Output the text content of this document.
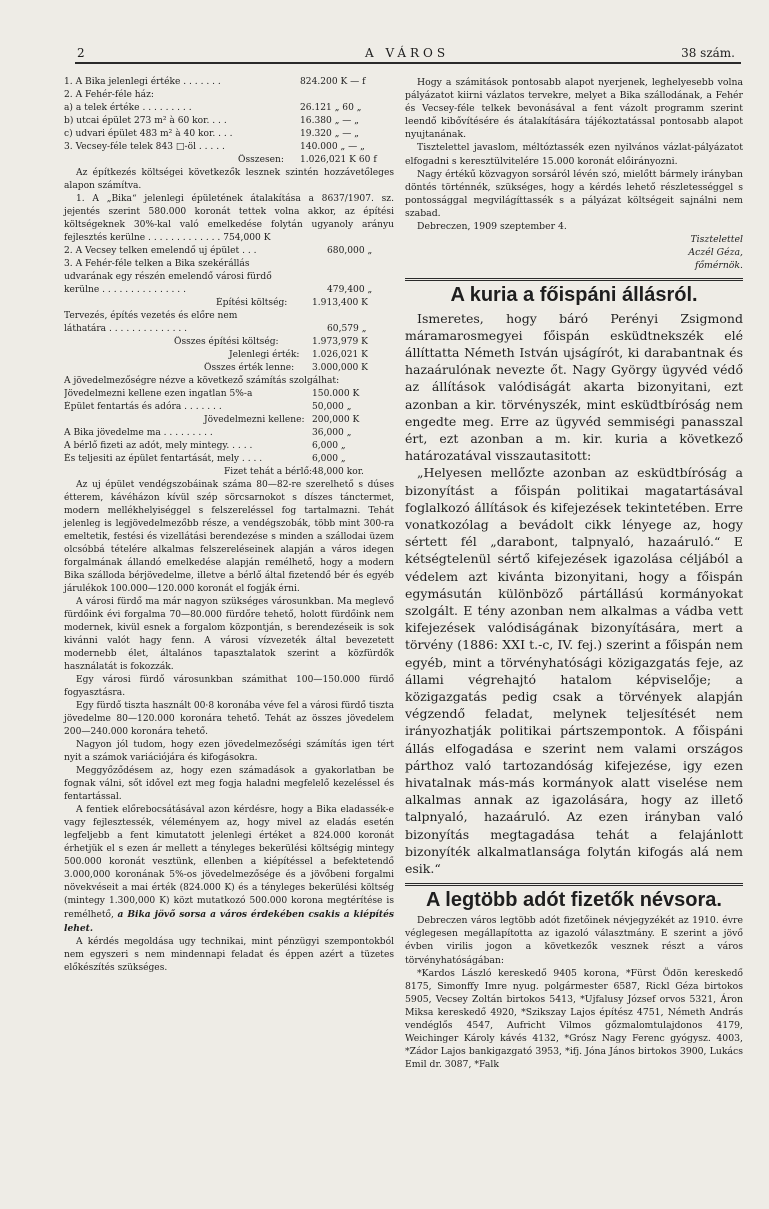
2	A VÁROS	38 szám.
1. A Bika jelenlegi értéke . . . . . . .	824.200 K — f
2. A Fehér-féle ház:
a) a telek értéke . . . . . . . . .	26.121 „ 60 „
b) utcai épület 273 m² à 60 kor. . . .	16.380 „ — „
c) udvari épület 483 m² à 40 kor. . . .	19.320 „ — „
3. Vecsey-féle telek 843 □-öl . . . . .	140.000 „ — „
Összesen: 1.026,021 K 60 f

Az építkezés költségei következők lesznek szintén hozzávetőleges alapon számítva.

1. A „Bika“ jelenlegi épületének átalakítása a 8637/1907. sz. jejentés szerint 580.000 koronát tettek volna akkor, az építési költségeknek 30%-kal való emelkedése folytán ugyanoly arányu fejlesztés kerülne . . . . . . . . . . . . . 754,000 K

2. A Vecsey telken emelendő uj épület . . .	680,000 „
3. A Fehér-féle telken a Bika szekérállás
udvarának egy részén emelendő városi fürdő
kerülne . . . . . . . . . . . . . . .	479,400 „
Építési költség:	1.913,400 K
Tervezés, építés vezetés és előre nem
láthatára . . . . . . . . . . . . . .	60,579 „
Összes építési költség:	1.973,979 K
Jelenlegi érték: 1.026,021 K
Összes érték lenne: 3.000,000 K
A jövedelmezőségre nézve a következő számítás szolgálhat:
Jövedelmezni kellene ezen ingatlan 5%-a	150.000 K
Épület fentartás és adóra . . . . . . .	50,000 „
Jövedelmezni kellene: 200,000 K
A Bika jövedelme ma . . . . . . . . .	36,000 „
A bérlő fizeti az adót, mely mintegy. . . . .	6,000 „
És teljesiti az épület fentartását, mely . . . .	6,000 „
Fizet tehát a bérlő: 48,000 kor.

Az uj épület vendégszobáinak száma 80—82-re szerelhető s dúses étterem, kávéházon kívül szép sörcsarnokot s díszes tánctermet, modern mellékhelyiséggel s felszereléssel fog tartalmazni. Tehát jelenleg is legjövedelmezőbb része, a vendégszobák, több mint 300-ra emeltetik, festési és vizellátási berendezése s minden a szállodai üzem olcsóbbá tételére alkalmas felszereléseinek alapján a város idegen forgalmának állandó emelkedése alapján remélhető, hogy a modern Bika szálloda bérjövedelme, illetve a bérlő által fizetendő bér és egyéb járulékok 100.000—120.000 koronát el fogják érni.

A városi fürdő ma már nagyon szükséges városunkban. Ma meglevő fürdőink évi forgalma 70—80.000 fürdőre tehető, holott fürdőink nem modernek, kivül esnek a forgalom központján, s berendezéseik is sok kivánni valót hagy fenn. A városi vízvezeték által bevezetett modernebb élet, általános tapasztalatok szerint a közfürdők használatát is fokozzák.

Egy városi fürdő városunkban számithat 100—150.000 fürdő fogyasztásra.

Egy fürdő tiszta használt 00·8 koronába véve fel a városi fürdő tiszta jövedelme 80—120.000 koronára tehető. Tehát az összes jövedelem 200—240.000 koronára tehető.

Nagyon jól tudom, hogy ezen jövedelmezőségi számítás igen tért nyit a számok variációjára és kifogásokra.

Meggyőződésem az, hogy ezen számadások a gyakorlatban be fognak válni, sőt idővel ezt meg fogja haladni megfelelő kezeléssel és fentartással.

A fentiek előrebocsátásával azon kérdésre, hogy a Bika eladassék-e vagy fejlesztessék, véleményem az, hogy mivel az eladás esetén legfeljebb a fent kimutatott jelenlegi értéket a 824.000 koronát érhetjük el s ezen ár mellett a tényleges bekerülési költségig mintegy 500.000 koronát vesztünk, ellenben a kiépítéssel a befektetendő 3.000,000 koronának 5%-os jövedelmezősége és a jövőbeni forgalmi növekvéseit a mai érték (824.000 K) és a tényleges bekerülési költség (mintegy 1.300,000 K) közt mutatkozó 500.000 korona megtérítése is remélhető, a Bika jövő sorsa a város érdekében csakis a kiépítés lehet.

A kérdés megoldása ugy technikai, mint pénzügyi szempontokból nem egyszeri s nem mindennapi feladat és éppen azért a tüzetes előkészítés szükséges.

Hogy a számitások pontosabb alapot nyerjenek, leghelyesebb volna pályázatot kiirni vázlatos tervekre, melyet a Bika szállodának, a Fehér és Vecsey-féle telkek bevonásával a fent vázolt programm szerint leendő kibővítésére és átalakítására tájékoztatással pontosabb alapot nyujtanának.

Tisztelettel javaslom, méltóztassék ezen nyilvános vázlat-pályázatot elfogadni s keresztülvitelére 15.000 koronát előirányozni.

Nagy értékű közvagyon sorsáról lévén szó, mielőtt bármely irányban döntés történnék, szükséges, hogy a kérdés lehető részletességgel s pontossággal megvilágíttassék s a pályázat költségeit sajnálni nem szabad.

Debreczen, 1909 szeptember 4.

Tisztelettel
Aczél Géza,
főmérnök.
A kuria a főispáni állásról.

Ismeretes, hogy báró Perényi Zsigmond máramarosmegyei főispán esküdtnekszék elé állíttatta Németh István ujságírót, ki darabantnak és hazaárulónak nevezte őt. Nagy György ügyvéd védő az állítások valódiságát akarta bizonyitani, ezt azonban a kir. törvényszék, mint esküdtbíróság nem engedte meg. Erre az ügyvéd semmiségi panasszal ért, ezt azonban a m. kir. kuria a következő határozatával visszautasitott:

„Helyesen mellőzte azonban az esküdtbíróság a bizonyítást a főispán politikai magatartásával foglalkozó állítások és kifejezések tekintetében. Erre vonatkozólag a bevádolt cikk lényege az, hogy sértett fél „darabont, talpnyaló, hazaáruló.“ E kétségtelenül sértő kifejezések igazolása céljából a védelem azt kivánta bizonyitani, hogy a főispán egymásután különböző pártállású kormányokat szolgált. E tény azonban nem alkalmas a vádba vett kifejezések valódiságának bizonyítására, mert a törvény (1886: XXI t.-c, IV. fej.) szerint a főispán nem egyéb, mint a törvényhatósági közigazgatás feje, az állami végrehajtó hatalom képviselője; a közigazgatás pedig csak a törvények alapján végzendő feladat, melynek teljesítését nem irányozhatják politikai pártszempontok. A főispáni állás elfogadása e szerint nem valami országos párthoz való tartozandóság kifejezése, igy ezen hivatalnak más-más kormányok alatt viselése nem alkalmas annak az igazolására, hogy az illető talpnyaló, hazaáruló. Az ezen irányban való bizonyítás megtagadása tehát a felajánlott bizonyíték alkalmatlansága folytán kifogás alá nem esik.“

A legtöbb adót fizetők névsora.

Debreczen város legtöbb adót fizetőinek névjegyzékét az 1910. évre véglegesen megállapította az igazoló választmány. E szerint a jövő évben virilis jogon a következők vesznek részt a város törvényhatóságában:

*Kardos László kereskedő 9405 korona, *Fürst Ödön kereskedő 8175, Simonffy Imre nyug. polgármester 6587, Rickl Géza birtokos 5905, Vecsey Zoltán birtokos 5413, *Ujfalusy József orvos 5321, Áron Miksa kereskedő 4920, *Szikszay Lajos építész 4751, Németh András vendéglős 4547, Aufricht Vilmos gőzmalomtulajdonos 4179, Weichinger Károly kávés 4132, *Grósz Nagy Ferenc gyógysz. 4003, *Zádor Lajos bankigazgató 3953, *ifj. Jóna János birtokos 3900, Lukács Emil dr. 3087, *Falk
